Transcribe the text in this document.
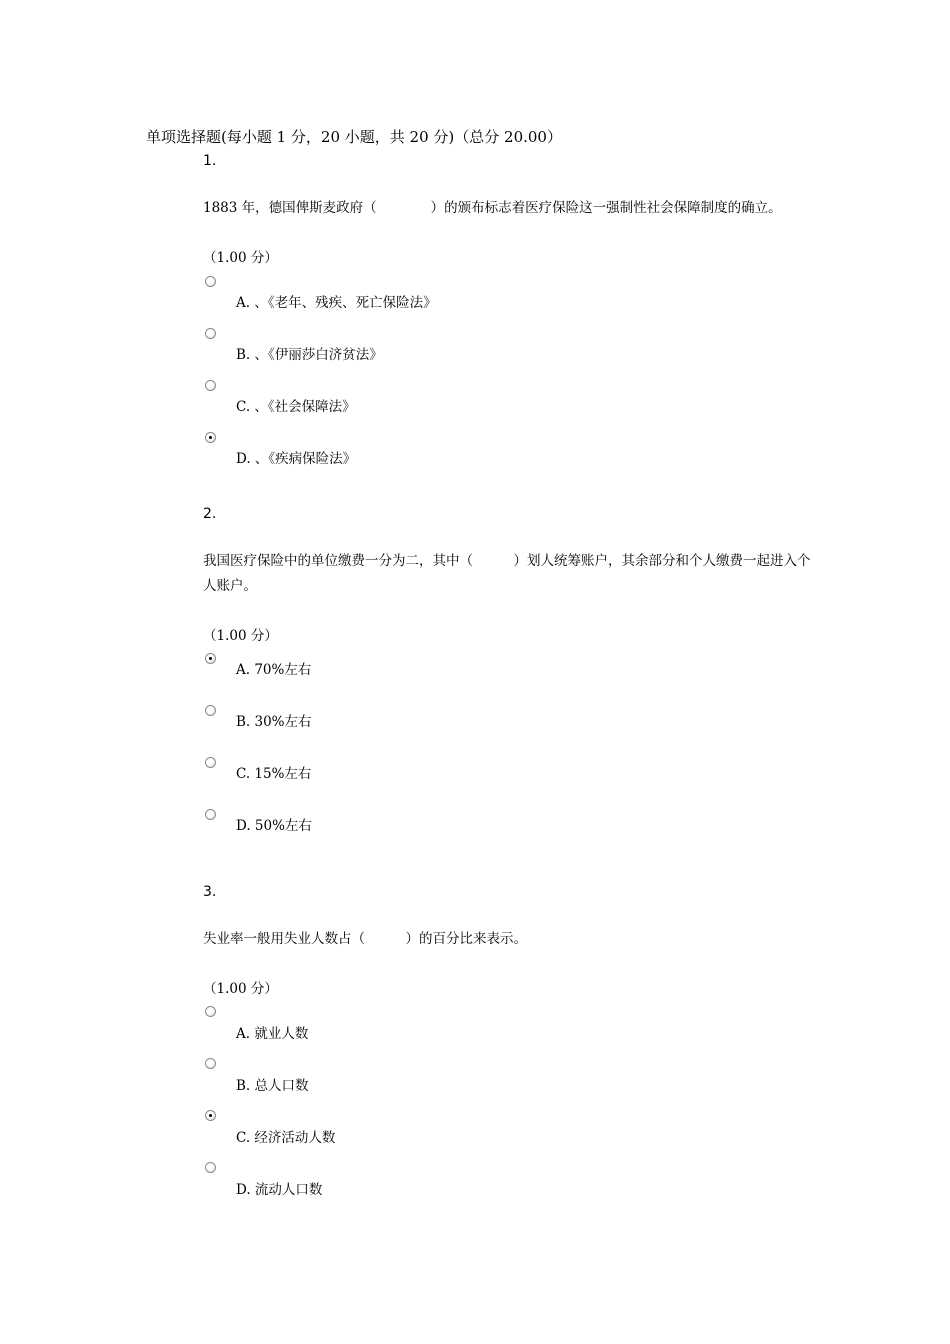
单项选择题(每小题 1 分，20 小题，共 20 分)（总分 20.00）
1.
1883 年，德国俾斯麦政府（　　　　）的颁布标志着医疗保险这一强制性社会保障制度的确立。
（1.00 分）
A. 、《老年、残疾、死亡保险法》
B. 、《伊丽莎白济贫法》
C. 、《社会保障法》
D. 、《疾病保险法》
2.
我国医疗保险中的单位缴费一分为二，其中（　　　）划人统筹账户，其余部分和个人缴费一起进入个人账户。
（1.00 分）
A. 70%左右
B. 30%左右
C. 15%左右
D. 50%左右
3.
失业率一般用失业人数占（　　　）的百分比来表示。
（1.00 分）
A. 就业人数
B. 总人口数
C. 经济活动人数
D. 流动人口数
